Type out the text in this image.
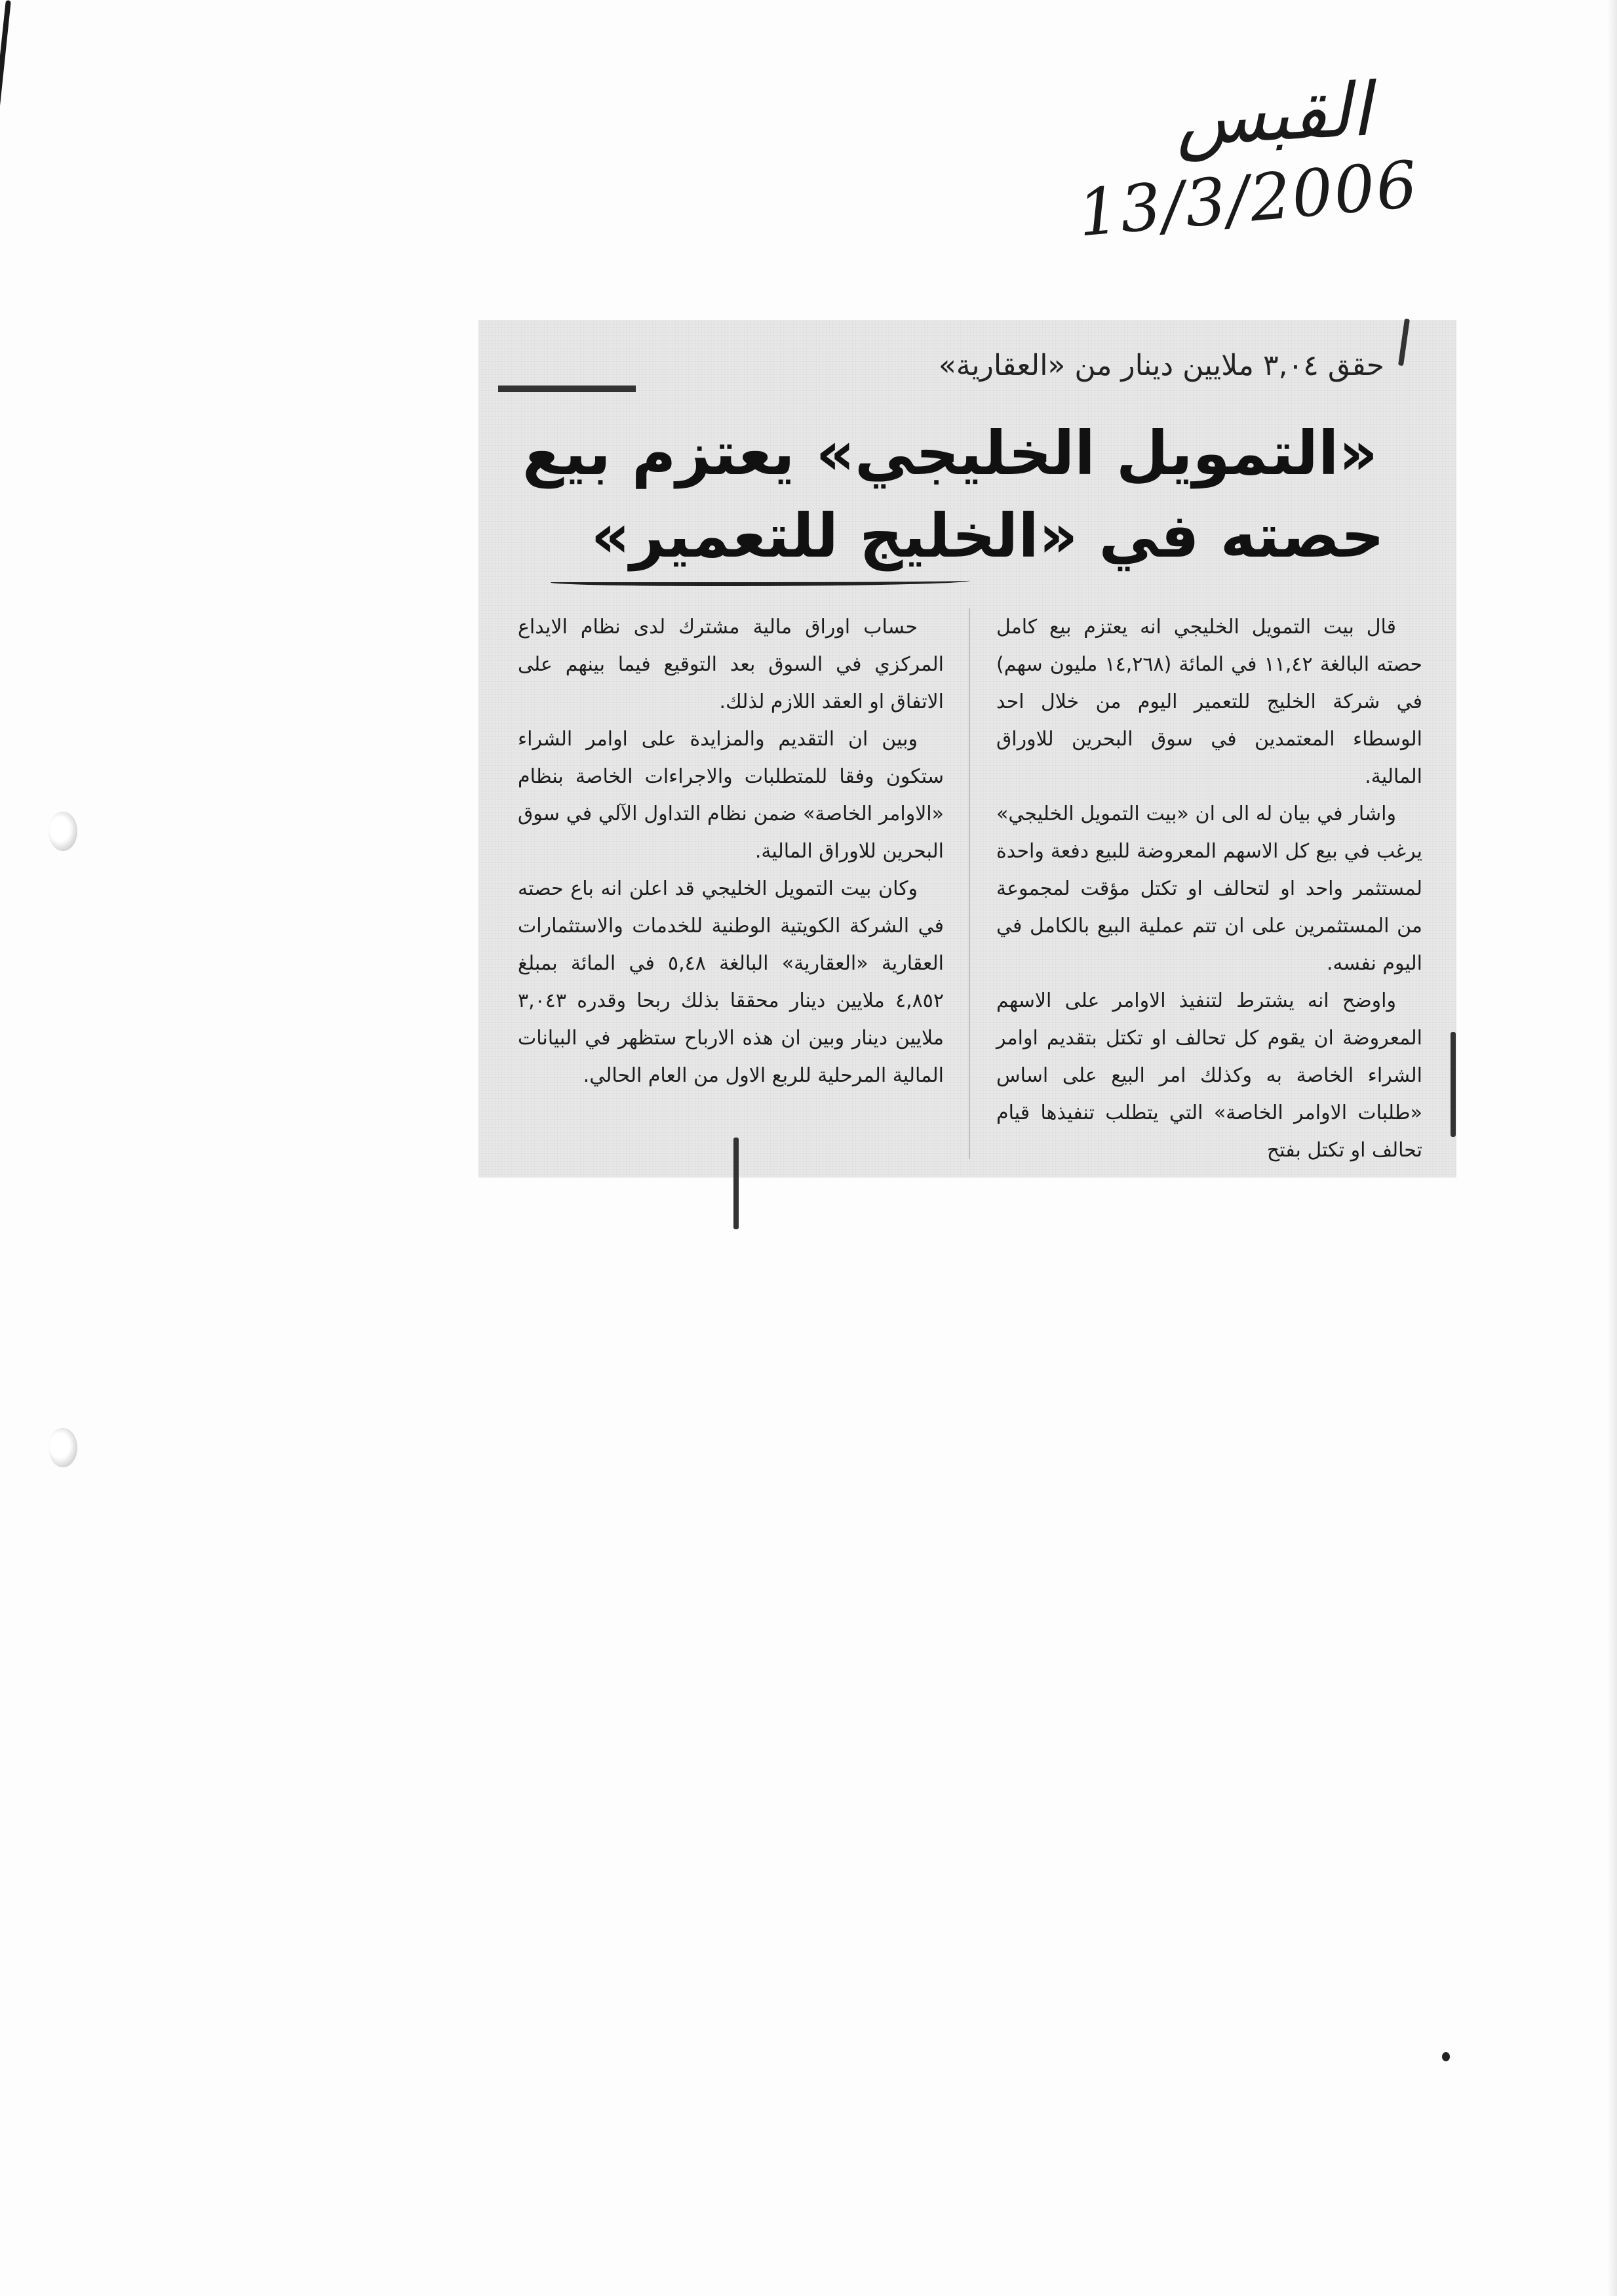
القبس
13/3/2006
حقق ٣,٠٤ ملايين دينار من «العقارية»
«التمويل الخليجي» يعتزم بيع
حصته في «الخليج للتعمير»

قال بيت التمويل الخليجي انه يعتزم بيع كامل حصته البالغة ١١,٤٢ في المائة (١٤,٢٦٨ مليون سهم) في شركة الخليج للتعمير اليوم من خلال احد الوسطاء المعتمدين في سوق البحرين للاوراق المالية.

واشار في بيان له الى ان «بيت التمويل الخليجي» يرغب في بيع كل الاسهم المعروضة للبيع دفعة واحدة لمستثمر واحد او لتحالف او تكتل مؤقت لمجموعة من المستثمرين على ان تتم عملية البيع بالكامل في اليوم نفسه.

واوضح انه يشترط لتنفيذ الاوامر على الاسهم المعروضة ان يقوم كل تحالف او تكتل بتقديم اوامر الشراء الخاصة به وكذلك امر البيع على اساس «طلبات الاوامر الخاصة» التي يتطلب تنفيذها قيام تحالف او تكتل بفتح

حساب اوراق مالية مشترك لدى نظام الايداع المركزي في السوق بعد التوقيع فيما بينهم على الاتفاق او العقد اللازم لذلك.

وبين ان التقديم والمزايدة على اوامر الشراء ستكون وفقا للمتطلبات والاجراءات الخاصة بنظام «الاوامر الخاصة» ضمن نظام التداول الآلي في سوق البحرين للاوراق المالية.

وكان بيت التمويل الخليجي قد اعلن انه باع حصته في الشركة الكويتية الوطنية للخدمات والاستثمارات العقارية «العقارية» البالغة ٥,٤٨ في المائة بمبلغ ٤,٨٥٢ ملايين دينار محققا بذلك ربحا وقدره ٣,٠٤٣ ملايين دينار وبين ان هذه الارباح ستظهر في البيانات المالية المرحلية للربع الاول من العام الحالي.
